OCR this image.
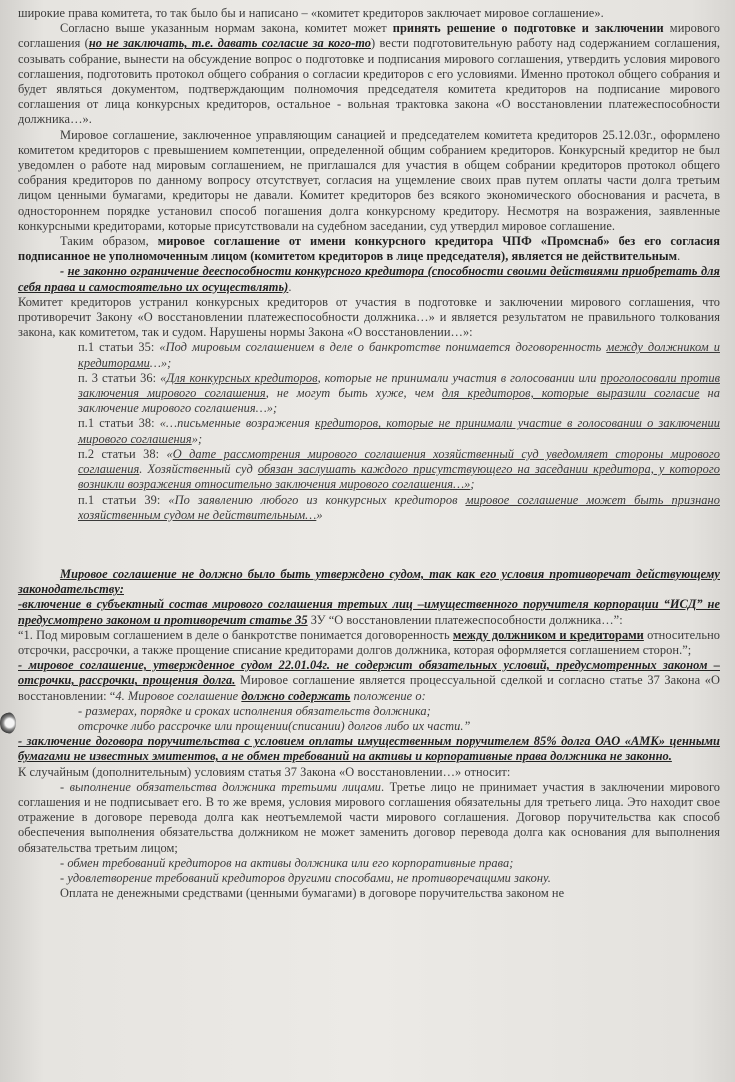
широкие права комитета, то так было бы и написано – «комитет кредиторов заключает мировое соглашение».

Согласно выше указанным нормам закона, комитет может принять решение о подготовке и заключении мирового соглашения (но не заключать, т.е. давать согласие за кого-то) вести подготовительную работу над содержанием соглашения, созывать собрание, вынести на обсуждение вопрос о подготовке и подписания мирового соглашения, утвердить условия мирового соглашения, подготовить протокол общего собрания о согласии кредиторов с его условиями. Именно протокол общего собрания и будет являться документом, подтверждающим полномочия председателя комитета кредиторов на подписание мирового соглашения от лица конкурсных кредиторов, остальное - вольная трактовка закона «О восстановлении платежеспособности должника…».

Мировое соглашение, заключенное управляющим санацией и председателем комитета кредиторов 25.12.03г., оформлено комитетом кредиторов с превышением компетенции, определенной общим собранием кредиторов. Конкурсный кредитор не был уведомлен о работе над мировым соглашением, не приглашался для участия в общем собрании кредиторов протокол общего собрания кредиторов по данному вопросу отсутствует, согласия на ущемление своих прав путем оплаты части долга третьим лицом ценными бумагами, кредиторы не давали. Комитет кредиторов без всякого экономического обоснования и расчета, в одностороннем порядке установил способ погашения долга конкурсному кредитору. Несмотря на возражения, заявленные конкурсными кредиторами, которые присутствовали на судебном заседании, суд утвердил мировое соглашение.

Таким образом, мировое соглашение от имени конкурсного кредитора ЧПФ «Промснаб» без его согласия подписанное не уполномоченным лицом (комитетом кредиторов в лице председателя), является не действительным.

- не законно ограничение дееспособности конкурсного кредитора (способности своими действиями приобретать для себя права и самостоятельно их осуществлять).

Комитет кредиторов устранил конкурсных кредиторов от участия в подготовке и заключении мирового соглашения, что противоречит Закону «О восстановлении платежеспособности должника…» и является результатом не правильного толкования закона, как комитетом, так и судом. Нарушены нормы Закона «О восстановлении…»:

п.1 статьи 35: «Под мировым соглашением в деле о банкротстве понимается договоренность между должником и кредиторами…»;

п. 3 статьи 36: «Для конкурсных кредиторов, которые не принимали участия в голосовании или проголосовали против заключения мирового соглашения, не могут быть хуже, чем для кредиторов, которые выразили согласие на заключение мирового соглашения…»;

п.1 статьи 38: «…письменные возражения кредиторов, которые не принимали участие в голосовании о заключении мирового соглашения»;

п.2 статьи 38: «О дате рассмотрения мирового соглашения хозяйственный суд уведомляет стороны мирового соглашения. Хозяйственный суд обязан заслушать каждого присутствующего на заседании кредитора, у которого возникли возражения относительно заключения мирового соглашения…»;

п.1 статьи 39: «По заявлению любого из конкурсных кредиторов мировое соглашение может быть признано хозяйственным судом не действительным…»

Мировое соглашение не должно было быть утверждено судом, так как его условия противоречат действующему законодательству:

-включение в субъектный состав мирового соглашения третьих лиц –имущественного поручителя корпорации “ИСД” не предусмотрено законом и противоречит статье 35 ЗУ “О восстановлении платежеспособности должника…”:

“1. Под мировым соглашением в деле о банкротстве понимается договоренность между должником и кредиторами относительно отсрочки, рассрочки, а также прощение списание кредиторами долгов должника, которая оформляется соглашением сторон.”;

- мировое соглашение, утвержденное судом 22.01.04г. не содержит обязательных условий, предусмотренных законом – отсрочки, рассрочки, прощения долга. Мировое соглашение является процессуальной сделкой и согласно статье 37 Закона «О восстановлении: “4. Мировое соглашение должно содержать положение о:

- размерах, порядке и сроках исполнения обязательств должника;

отсрочке либо рассрочке или прощении(списании) долгов либо их части.”

- заключение договора поручительства с условием оплаты имущественным поручителем 85% долга ОАО «АМК» ценными бумагами не известных эмитентов, а не обмен требований на активы и корпоративные права должника не законно.

К случайным (дополнительным) условиям статья 37 Закона «О восстановлении…» относит:

- выполнение обязательства должника третьими лицами. Третье лицо не принимает участия в заключении мирового соглашения и не подписывает его. В то же время, условия мирового соглашения обязательны для третьего лица. Это находит свое отражение в договоре перевода долга как неотъемлемой части мирового соглашения. Договор поручительства как способ обеспечения выполнения обязательства должником не может заменить договор перевода долга как основания для выполнения обязательства третьим лицом;

- обмен требований кредиторов на активы должника или его корпоративные права;

- удовлетворение требований кредиторов другими способами, не противоречащими закону.

Оплата не денежными средствами (ценными бумагами) в договоре поручительства законом не
